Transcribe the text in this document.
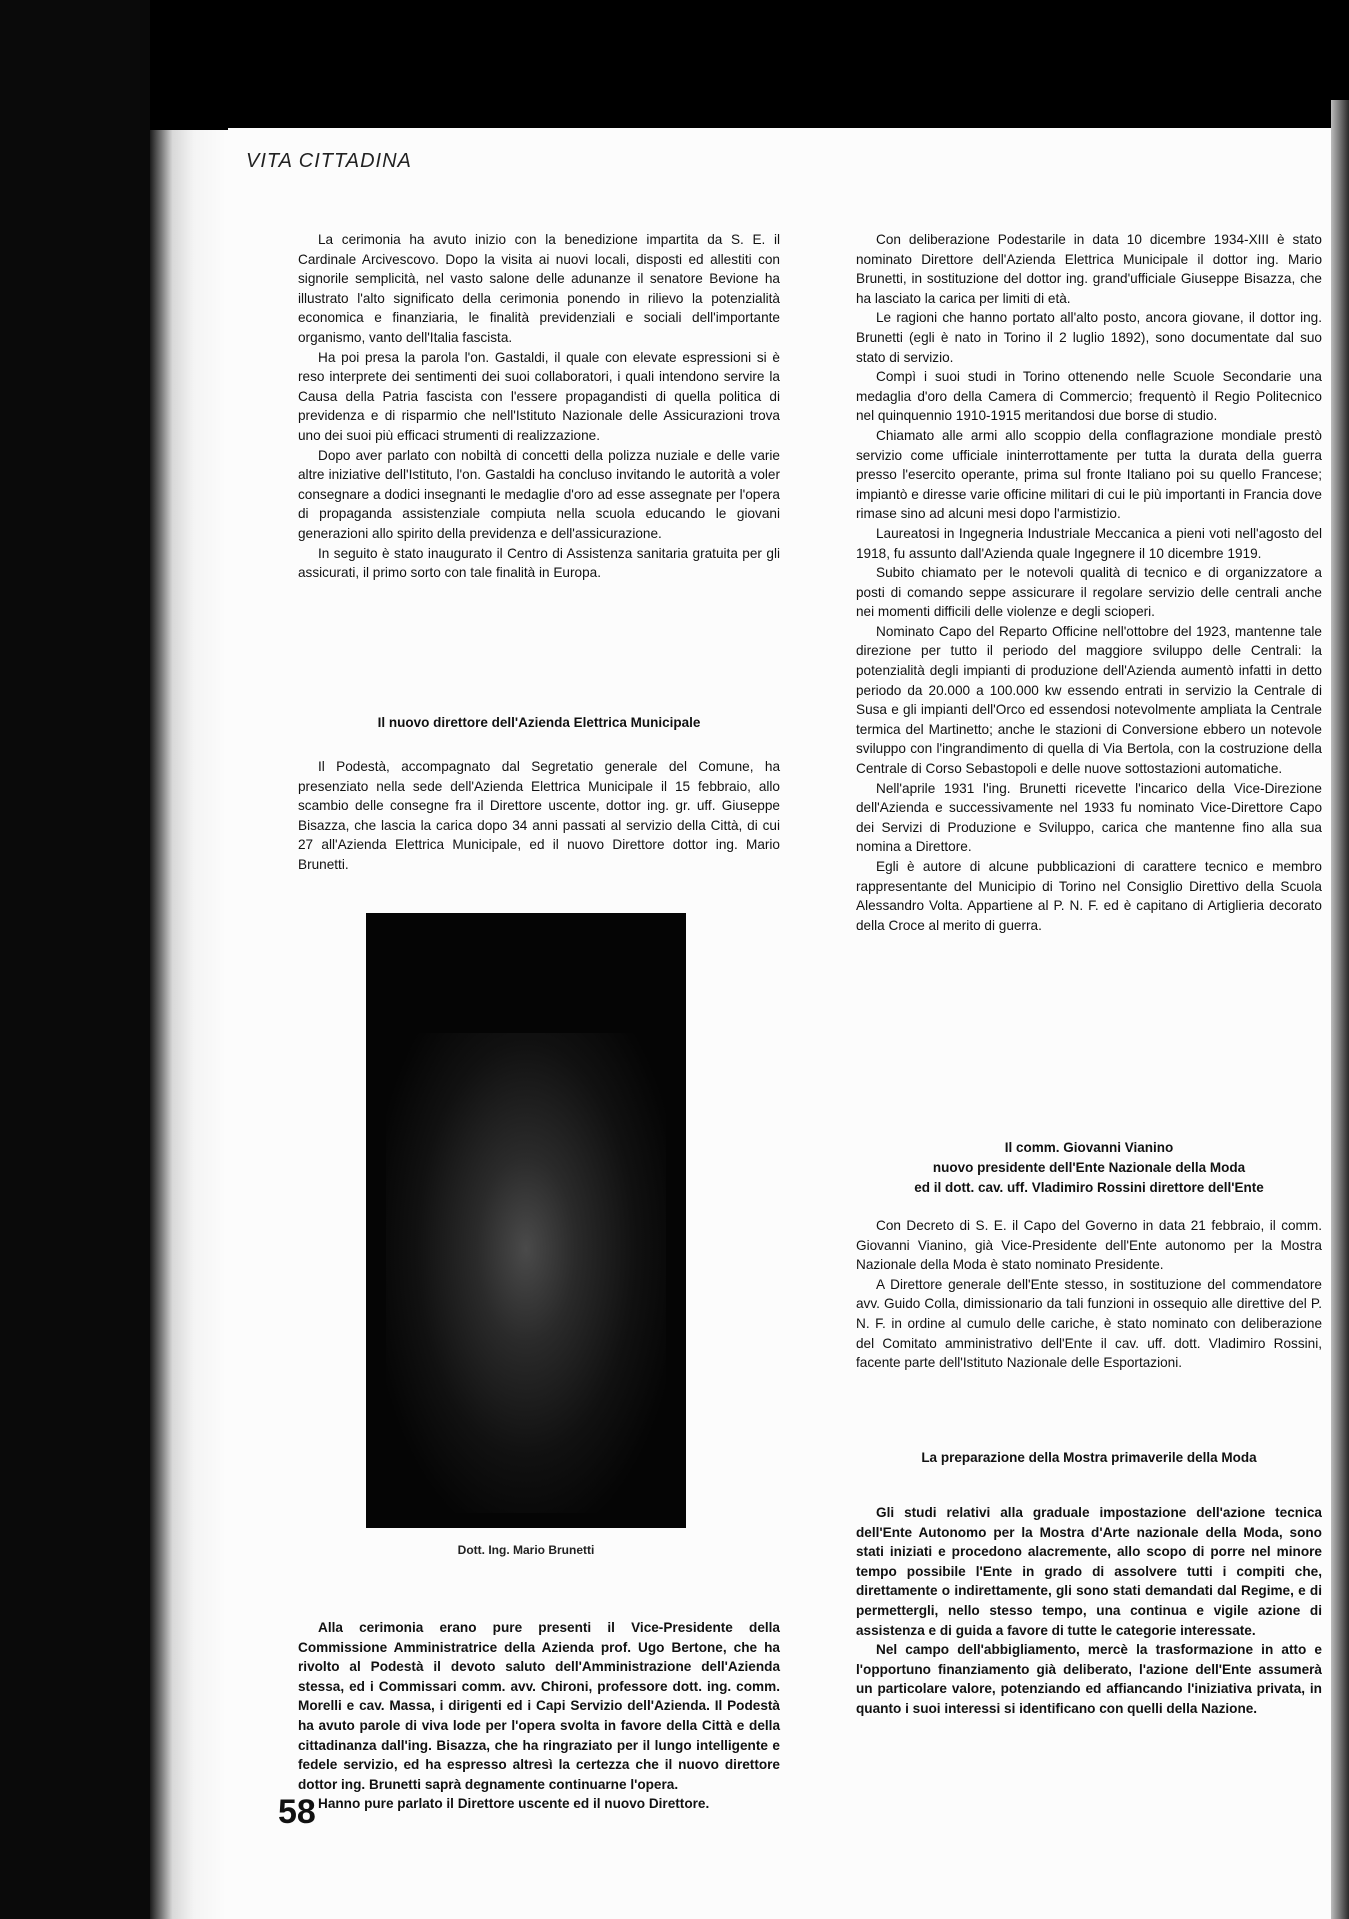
VITA CITTADINA

La cerimonia ha avuto inizio con la benedizione impartita da S. E. il Cardinale Arcivescovo. Dopo la visita ai nuovi locali, disposti ed allestiti con signorile semplicità, nel vasto salone delle adunanze il senatore Bevione ha illustrato l'alto significato della cerimonia ponendo in rilievo la potenzialità economica e finanziaria, le finalità previdenziali e sociali dell'importante organismo, vanto dell'Italia fascista.

Ha poi presa la parola l'on. Gastaldi, il quale con elevate espressioni si è reso interprete dei sentimenti dei suoi collaboratori, i quali intendono servire la Causa della Patria fascista con l'essere propagandisti di quella politica di previdenza e di risparmio che nell'Istituto Nazionale delle Assicurazioni trova uno dei suoi più efficaci strumenti di realizzazione.

Dopo aver parlato con nobiltà di concetti della polizza nuziale e delle varie altre iniziative dell'Istituto, l'on. Gastaldi ha concluso invitando le autorità a voler consegnare a dodici insegnanti le medaglie d'oro ad esse assegnate per l'opera di propaganda assistenziale compiuta nella scuola educando le giovani generazioni allo spirito della previdenza e dell'assicurazione.

In seguito è stato inaugurato il Centro di Assistenza sanitaria gratuita per gli assicurati, il primo sorto con tale finalità in Europa.

Il nuovo direttore dell'Azienda Elettrica Municipale

Il Podestà, accompagnato dal Segretatio generale del Comune, ha presenziato nella sede dell'Azienda Elettrica Municipale il 15 febbraio, allo scambio delle consegne fra il Direttore uscente, dottor ing. gr. uff. Giuseppe Bisazza, che lascia la carica dopo 34 anni passati al servizio della Città, di cui 27 all'Azienda Elettrica Municipale, ed il nuovo Direttore dottor ing. Mario Brunetti.

Dott. Ing. Mario Brunetti

Alla cerimonia erano pure presenti il Vice-Presidente della Commissione Amministratrice della Azienda prof. Ugo Bertone, che ha rivolto al Podestà il devoto saluto dell'Amministrazione dell'Azienda stessa, ed i Commissari comm. avv. Chironi, professore dott. ing. comm. Morelli e cav. Massa, i dirigenti ed i Capi Servizio dell'Azienda. Il Podestà ha avuto parole di viva lode per l'opera svolta in favore della Città e della cittadinanza dall'ing. Bisazza, che ha ringraziato per il lungo intelligente e fedele servizio, ed ha espresso altresì la certezza che il nuovo direttore dottor ing. Brunetti saprà degnamente continuarne l'opera.

Hanno pure parlato il Direttore uscente ed il nuovo Direttore.

Con deliberazione Podestarile in data 10 dicembre 1934-XIII è stato nominato Direttore dell'Azienda Elettrica Municipale il dottor ing. Mario Brunetti, in sostituzione del dottor ing. grand'ufficiale Giuseppe Bisazza, che ha lasciato la carica per limiti di età.

Le ragioni che hanno portato all'alto posto, ancora giovane, il dottor ing. Brunetti (egli è nato in Torino il 2 luglio 1892), sono documentate dal suo stato di servizio.

Compì i suoi studi in Torino ottenendo nelle Scuole Secondarie una medaglia d'oro della Camera di Commercio; frequentò il Regio Politecnico nel quinquennio 1910-1915 meritandosi due borse di studio.

Chiamato alle armi allo scoppio della conflagrazione mondiale prestò servizio come ufficiale ininterrottamente per tutta la durata della guerra presso l'esercito operante, prima sul fronte Italiano poi su quello Francese; impiantò e diresse varie officine militari di cui le più importanti in Francia dove rimase sino ad alcuni mesi dopo l'armistizio.

Laureatosi in Ingegneria Industriale Meccanica a pieni voti nell'agosto del 1918, fu assunto dall'Azienda quale Ingegnere il 10 dicembre 1919.

Subito chiamato per le notevoli qualità di tecnico e di organizzatore a posti di comando seppe assicurare il regolare servizio delle centrali anche nei momenti difficili delle violenze e degli scioperi.

Nominato Capo del Reparto Officine nell'ottobre del 1923, mantenne tale direzione per tutto il periodo del maggiore sviluppo delle Centrali: la potenzialità degli impianti di produzione dell'Azienda aumentò infatti in detto periodo da 20.000 a 100.000 kw essendo entrati in servizio la Centrale di Susa e gli impianti dell'Orco ed essendosi notevolmente ampliata la Centrale termica del Martinetto; anche le stazioni di Conversione ebbero un notevole sviluppo con l'ingrandimento di quella di Via Bertola, con la costruzione della Centrale di Corso Sebastopoli e delle nuove sottostazioni automatiche.

Nell'aprile 1931 l'ing. Brunetti ricevette l'incarico della Vice-Direzione dell'Azienda e successivamente nel 1933 fu nominato Vice-Direttore Capo dei Servizi di Produzione e Sviluppo, carica che mantenne fino alla sua nomina a Direttore.

Egli è autore di alcune pubblicazioni di carattere tecnico e membro rappresentante del Municipio di Torino nel Consiglio Direttivo della Scuola Alessandro Volta. Appartiene al P. N. F. ed è capitano di Artiglieria decorato della Croce al merito di guerra.

Il comm. Giovanni Vianino

nuovo presidente dell'Ente Nazionale della Moda

ed il dott. cav. uff. Vladimiro Rossini direttore dell'Ente

Con Decreto di S. E. il Capo del Governo in data 21 febbraio, il comm. Giovanni Vianino, già Vice-Presidente dell'Ente autonomo per la Mostra Nazionale della Moda è stato nominato Presidente.

A Direttore generale dell'Ente stesso, in sostituzione del commendatore avv. Guido Colla, dimissionario da tali funzioni in ossequio alle direttive del P. N. F. in ordine al cumulo delle cariche, è stato nominato con deliberazione del Comitato amministrativo dell'Ente il cav. uff. dott. Vladimiro Rossini, facente parte dell'Istituto Nazionale delle Esportazioni.

La preparazione della Mostra primaverile della Moda

Gli studi relativi alla graduale impostazione dell'azione tecnica dell'Ente Autonomo per la Mostra d'Arte nazionale della Moda, sono stati iniziati e procedono alacremente, allo scopo di porre nel minore tempo possibile l'Ente in grado di assolvere tutti i compiti che, direttamente o indirettamente, gli sono stati demandati dal Regime, e di permettergli, nello stesso tempo, una continua e vigile azione di assistenza e di guida a favore di tutte le categorie interessate.

Nel campo dell'abbigliamento, mercè la trasformazione in atto e l'opportuno finanziamento già deliberato, l'azione dell'Ente assumerà un particolare valore, potenziando ed affiancando l'iniziativa privata, in quanto i suoi interessi si identificano con quelli della Nazione.

58
